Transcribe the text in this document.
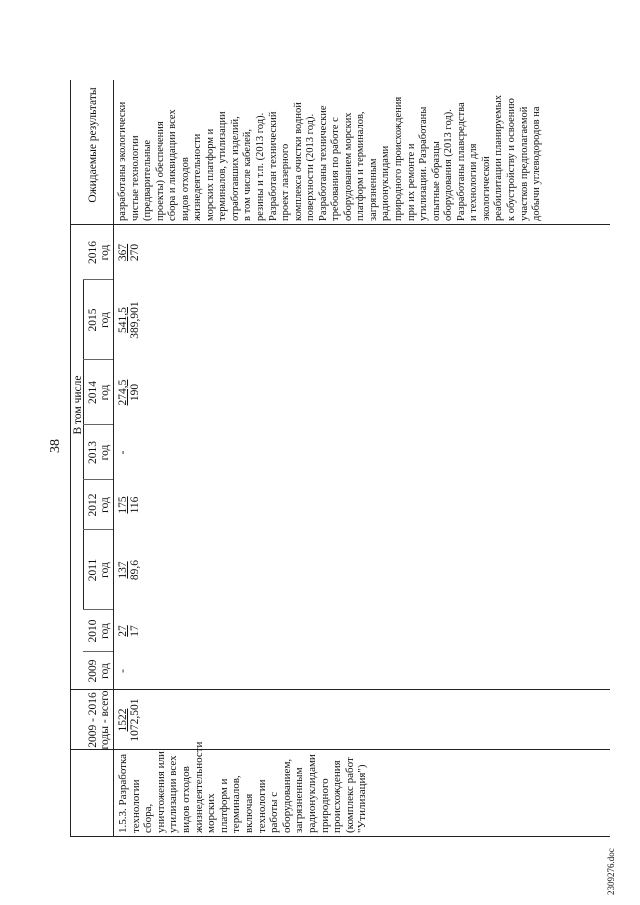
38
2009 - 2016 годы - всего
В том числе
Ожидаемые результаты
2009 год
2010 год
2011 год
2012 год
2013 год
2014 год
2015 год
2016 год
1.5.3. Разработка технологии сбора, уничтожения или утилизации всех видов отходов жизнедеятельности морских платформ и терминалов, включая технологии работы с оборудованием, загрязненным радионуклидами природного происхождения (комплекс работ "Утилизация")
1522 1072,501
-
27 17
137 89,6
175 116
-
274,5 190
541,5 389,901
367 270
разработаны экологически чистые технологии (предварительные проекты) обеспечения сбора и ликвидации всех видов отходов жизнедеятельности морских платформ и терминалов, утилизации отработавших изделий, в том числе кабелей, резины и т.п. (2013 год). Разработан технический проект лазерного комплекса очистки водной поверхности (2013 год). Разработаны технические требования по работе с оборудованием морских платформ и терминалов, загрязненным радионуклидами природного происхождения при их ремонте и утилизации. Разработаны опытные образцы оборудования (2013 год). Разработаны плавсредства и технологии для экологической реабилитации планируемых к обустройству и освоению участков предполагаемой добычи углеводородов на
2309276.doc
